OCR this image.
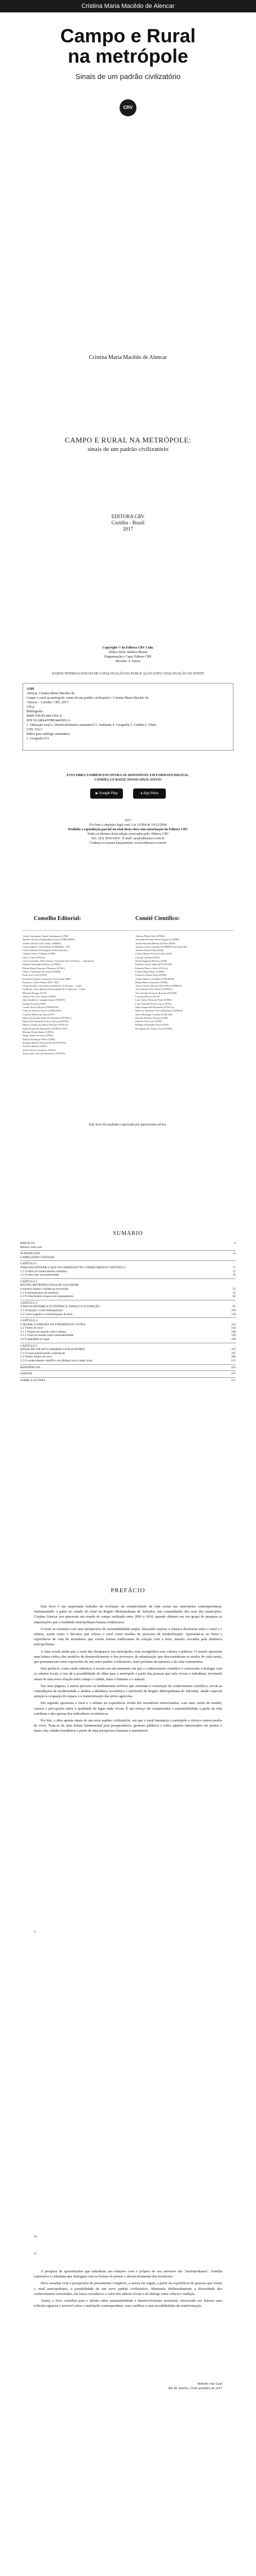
Cristina Maria Macêdo de Alencar
Campo e Rural
na metrópole
Sinais de um padrão civilizatório
CRV
Cristina Maria Macêdo de Alencar
CAMPO E RURAL NA METRÓPOLE:
sinais de um padrão civilizatório
EDITORA CRV
Curitiba - Brasil
2017
Copyright © da Editora CRV Ltda.
Editor-chefe: Railson Moura
Diagramação e Capa: Editora CRV
Revisão: A Autora
DADOS INTERNACIONAIS DE CATALOGAÇÃO NA PUBLICAÇÃO (CIP) CATALOGAÇÃO NA FONTE
A368
Alencar, Cristina Maria Macêdo de.
Campo e rural na metrópole: sinais de um padrão civilizatório / Cristina Maria Macêdo de
Alencar – Curitiba: CRV, 2017.
236 p.
Bibliografia
ISBN 978-85-444-1901-4
DOI 10.24824/978854441901.4
1. Educação rural 2. Desenvolvimento sustentável 3. Ambiente 4. Geografia 5. Cidades I. Título
CDU 316.3
Índice para catálogo sistemático
1. Geografia 911
ESTA OBRA TAMBÉM ENCONTRA-SE DISPONÍVEL EM FORMATO DIGITAL.
CONHEÇA E BAIXE NOSSO APLICATIVO!
▶ Google Play	● App Store
2017
Foi feito o depósito legal conf. Lei 10.994 de 14/12/2004
Proibida a reprodução parcial ou total desta obra sem autorização da Editora CRV
Todos os direitos desta edição reservados pela: Editora CRV
Tel.: (41) 3039-6418 - E-mail: sac@editoracrv.com.br
Conheça os nossos lançamentos: www.editoracrv.com.br
Conselho Editorial:	Comitê Científico:
Aldira Guimarães Duarte Domínguez (UNB)
Andréia da Silva Quintanilha Sousa (UNIR/UFRN)
Antônio Pereira Gaio Júnior (UFRRJ)
Carlos Alberto Vilar Estêvão (UMINHO – PT)
Carlos Federico Dominguez Avila (Unieuro)
Carmen Tereza Velanga (UNIR)
Celso Conti (UFSCar)
Cesar Gerónimo Tello (Univer. Nacional Três de Febrero – Argentina)
Eduardo Fernandes Barbosa (UFMG)
Elione Maria Nogueira Diogenes (UFAL)
Elizeu Clementino de Souza (UNEB)
Élsio José Corá (UFFS)
Fernando Antônio Gonçalves Alcoforado (IPB)
Francisco Carlos Duarte (PUC-PR)
Gloria Fariñas León (Universidade de La Havana – Cuba)
Guillermo Arias Beatón (Universidade de La Havana – Cuba)
Helmuth Krüger (UCP)
Jailson Alves dos Santos (UFRJ)
João Adalberto Campato Junior (UNESP)
Josania Portela (UFPI)
Leonel Severo Rocha (UNISINOS)
Lídia de Oliveira Xavier (UNIEURO)
Lourdes Helena da Silva (UFV)
Maria de Lourdes Pinto de Almeida (UNOESC)
Maria Lília Imbiriba Sousa Colares (UFOPA)
Maria Cristina dos Santos Bezerra (UFSCar)
Paulo Romualdo Hernandes (UNIFAL-MG)
Rodrigo Pratte-Santos (UFES)
Sérgio Nunes de Jesus (IFRO)
Simone Rodrigues Pinto (UNB)
Solange Helena Ximenes-Rocha (UFOPA)
Sydione Santos (UEPG)
Tadeu Oliver Gonçalves (UFPA)
Tania Suely Azevedo Brasileiro (UFOPA)
Adriana Flávia Neu (UFSM)
Alexandre Peixoto Faria Nogueira (UFRB)
André Eduardo Ribeiro da Silva (IFSP)
Antonio Carlos Giuliani (UNIMEP-Piracicaba-SP)
Antonio Isidro-Filho (UnB)
Carlos Alberto Ferreira Lima (UnB)
Claudio Gontijo (UFSJ)
Daniel Augusto Moreira (USP)
Eduardo Lima Caldas (EACH/USP)
Eduardo Pinto e Silva (UFSCar)
Evaldo Maia Junior (UFRB)
Frederico Seixas Dias (UFRB)
Gilmar Ribeiro de Mello (UNESPAR)
Helga Midori Iwamoto (UFRB)
Jorge Luís de Oliveira Pinto Filho (UFERSA)
José Antônio Felix Brasil (UNIFAL)
José Arnaldo Frutuoso Roveda (UNESP)
Lucimar Roscoe (UCS)
Luiz Carlos Delorme Prado (UFRJ)
Luiz Fernando Fortes Garcia (FAG)
Maria Aparecida Bernardes (UFSCar)
Maurício Moreira e Silva Bernardes (UFRGS)
Olavo Henrique Lordelo (UNILAB)
Ricardo Moreira Tavares (UnB)
Roberto José Leal (UFPE)
Rodrigo Fernandes Freire (USP)
Rosangela dos Santos Alves (UFPE)
Este livro foi avaliado e aprovado por pareceristas ad hoc.
SUMÁRIO
PREFÁCIO	9
Roberto José Leal
INTRODUÇÃO	15
COMEÇANDO A PENSAR
CAPÍTULO 1
PARA ENCONTRAR O QUE FOI SEPARADO NO CONHECIMENTO CIENTÍFICO	27
1.1 O olhar do conhecimento científico	27
1.2 A outra face da modernidade	35
CAPÍTULO 2
REGIÃO METROPOLITANA DE SALVADOR:
economia baiana e dinâmicas territoriais	51
2.1 A infraestrutura do território	55
2.2 O crescimento urbano sem planejamento	62
CAPÍTULO 3
A RM NA DINÂMICA ECONÔMICA: ESPAÇO E OCUPAÇÃO	85
3.1 Ocupação e rural metropolitano	103
3.2 Cultura agrária e transformação da terra	118
CAPÍTULO 4
O RURAL E URBANO NA EXPERIÊNCIA VIVIDA	143
4.1 Visões do rural	144
4.1.1 Valores do mundo rural e urbano	149
4.1.2 Visão de mundo sobre sustentabilidade	158
4.2 A qualidade do lugar	168
CAPÍTULO 5
SINAIS DE UM NOVO PADRÃO CIVILIZATÓRIO	187
5.1 O rural humanizando a metrópole	197
5.2 Outros modos de viver	206
5.3 O conhecimento científico em diálogo com o saber local	215
REFERÊNCIAS	225
ANEXOS	237
SOBRE A AUTORA	257
PREFÁCIO

Este livro é um importante trabalho de revelação da complexidade da vida social nas metrópoles contemporâneas, fundamentado a partir do estudo do rural na Região Metropolitana de Salvador, nas comunidades dos seus dez municípios. Cristina Alencar nos apresenta um estudo de campo realizado entre 2001 e 2010, quando debateu em seu grupo de pesquisa as inquietações que a realidade metropolitana baiana evidenciava.

O texto se estrutura com uma perspectiva de sustentabilidade ampla, buscando superar a clássica dicotomia entre o rural e o urbano, assim como o discurso que coloca o rural como resíduo do processo de modernização. Apresenta-se ao leitor a experiência de vida de moradores que vivem formas tradicionais de relação com a terra, mesmo cercados pela dinâmica metropolitana.

A obra revela ainda que o rural não desaparece nas metrópoles, mas ressignifica seus valores e práticas. O estudo apresenta uma leitura crítica dos modelos de desenvolvimento e dos processos de urbanização que desconsideram os modos de vida rurais, que permanecem como expressões de um outro padrão civilizatório, mais próximo da natureza e da vida comunitária.

Este prefácio, como então sabemos, é escrito em um momento em que o conhecimento científico é convocado a dialogar com os saberes locais, e nos dá a possibilidade de olhar para a metrópole a partir das pessoas que nela vivem e trabalham, revelando sinais de uma nova relação entre campo e cidade, entre o humano e o natural.

Nas suas páginas, a autora percorre os fundamentos teóricos que orientam a construção do conhecimento científico, revela as contradições da modernidade e analisa a dinâmica econômica e territorial da Região Metropolitana de Salvador, dando especial atenção à ocupação do espaço e à transformação das terras agrícolas.

Em seguida, apresenta o rural e o urbano na experiência vivida dos moradores entrevistados, com suas visões de mundo, valores e percepções sobre a qualidade do lugar onde vivem. É um esforço de compreender a sustentabilidade a partir da vida cotidiana e não apenas dos indicadores econômicos.

Por fim, a obra aponta sinais de um novo padrão civilizatório, em que o rural humaniza a metrópole e oferece outros modos de viver. Trata-se de uma leitura fundamental para pesquisadores, gestores públicos e todos aqueles interessados em pensar o futuro das cidades brasileiras a partir de uma perspectiva humana e sustentável.

9
10

A pesquisa de aprendizados que trabalham nas relações com o próprio de seu universo são "metropolitanas". Família expressiva e cidadania que dialogam com as formas de pensar o desenvolvimento dos territórios.

Devo ressaltar com a perspectiva do pensamento complexo, a autora faz seguir, a partir da experiência de pessoas que vivem o rural metropolitano, a possibilidade de um novo padrão civilizatório. Mantendo deliberadamente a diversidade dos conhecimentos envolvidos, ela busca reconhecer o valor dos saberes locais e do diálogo entre ciência e tradição.

Assim, o livro contribui para o debate sobre sustentabilidade e desenvolvimento territorial, oferecendo aos leitores uma reflexão rigorosa e sensível sobre a metrópole contemporânea, seus conflitos e suas possibilidades de transformação.

Roberto José Leal
Rio de Janeiro, 19 de setembro de 2017
11
